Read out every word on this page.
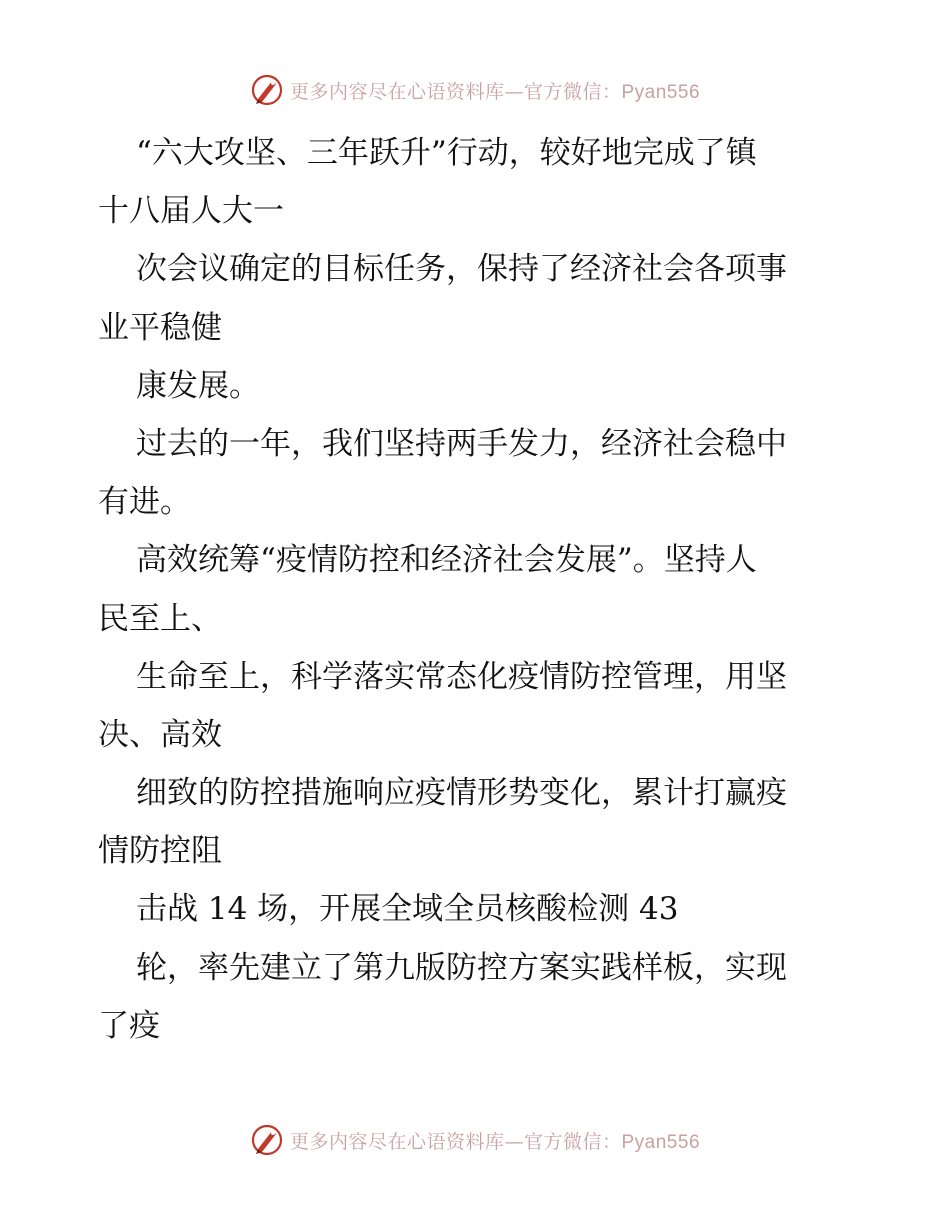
更多内容尽在心语资料库—官方微信：Pyan556
“六大攻坚、三年跃升”行动，较好地完成了镇
十八届人大一
次会议确定的目标任务，保持了经济社会各项事
业平稳健
康发展。
过去的一年，我们坚持两手发力，经济社会稳中
有进。
高效统筹“疫情防控和经济社会发展”。坚持人
民至上、
生命至上，科学落实常态化疫情防控管理，用坚
决、高效
细致的防控措施响应疫情形势变化，累计打赢疫
情防控阻
击战 14 场，开展全域全员核酸检测 43
轮，率先建立了第九版防控方案实践样板，实现
了疫
更多内容尽在心语资料库—官方微信：Pyan556
